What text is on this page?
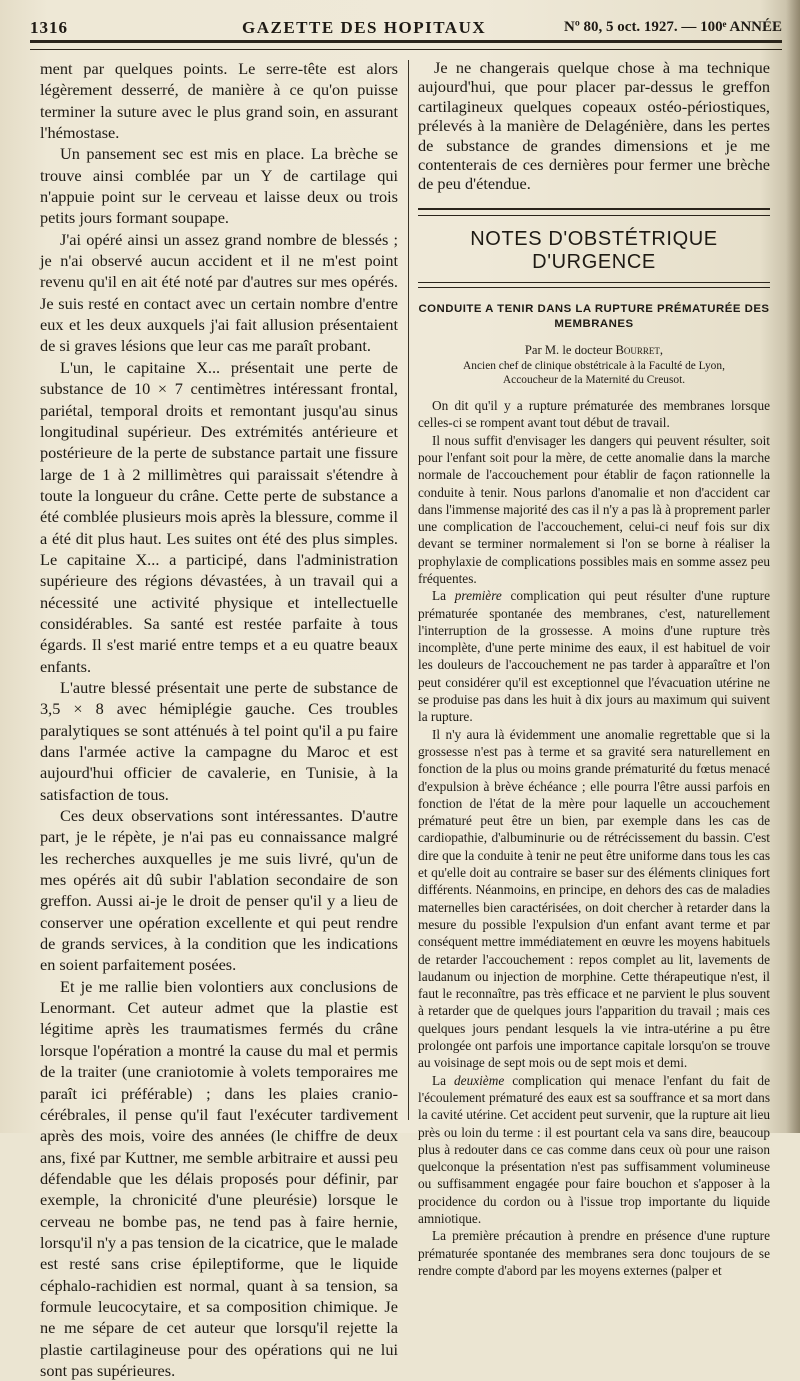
1316	GAZETTE DES HOPITAUX	Nº 80, 5 oct. 1927. — 100ᵉ ANNÉE

ment par quelques points. Le serre-tête est alors légèrement desserré, de manière à ce qu'on puisse terminer la suture avec le plus grand soin, en assurant l'hémostase.

Un pansement sec est mis en place. La brèche se trouve ainsi comblée par un Y de cartilage qui n'appuie point sur le cerveau et laisse deux ou trois petits jours formant soupape.

J'ai opéré ainsi un assez grand nombre de blessés ; je n'ai observé aucun accident et il ne m'est point revenu qu'il en ait été noté par d'autres sur mes opérés. Je suis resté en contact avec un certain nombre d'entre eux et les deux auxquels j'ai fait allusion présentaient de si graves lésions que leur cas me paraît probant.

L'un, le capitaine X... présentait une perte de substance de 10 × 7 centimètres intéressant frontal, pariétal, temporal droits et remontant jusqu'au sinus longitudinal supérieur. Des extrémités antérieure et postérieure de la perte de substance partait une fissure large de 1 à 2 millimètres qui paraissait s'étendre à toute la longueur du crâne. Cette perte de substance a été comblée plusieurs mois après la blessure, comme il a été dit plus haut. Les suites ont été des plus simples. Le capitaine X... a participé, dans l'administration supérieure des régions dévastées, à un travail qui a nécessité une activité physique et intellectuelle considérables. Sa santé est restée parfaite à tous égards. Il s'est marié entre temps et a eu quatre beaux enfants.

L'autre blessé présentait une perte de substance de 3,5 × 8 avec hémiplégie gauche. Ces troubles paralytiques se sont atténués à tel point qu'il a pu faire dans l'armée active la campagne du Maroc et est aujourd'hui officier de cavalerie, en Tunisie, à la satisfaction de tous.

Ces deux observations sont intéressantes. D'autre part, je le répète, je n'ai pas eu connaissance malgré les recherches auxquelles je me suis livré, qu'un de mes opérés ait dû subir l'ablation secondaire de son greffon. Aussi ai-je le droit de penser qu'il y a lieu de conserver une opération excellente et qui peut rendre de grands services, à la condition que les indications en soient parfaitement posées.

Et je me rallie bien volontiers aux conclusions de Lenormant. Cet auteur admet que la plastie est légitime après les traumatismes fermés du crâne lorsque l'opération a montré la cause du mal et permis de la traiter (une craniotomie à volets temporaires me paraît ici préférable) ; dans les plaies cranio-cérébrales, il pense qu'il faut l'exécuter tardivement après des mois, voire des années (le chiffre de deux ans, fixé par Kuttner, me semble arbitraire et aussi peu défendable que les délais proposés pour définir, par exemple, la chronicité d'une pleurésie) lorsque le cerveau ne bombe pas, ne tend pas à faire hernie, lorsqu'il n'y a pas tension de la cicatrice, que le malade est resté sans crise épileptiforme, que le liquide céphalo-rachidien est normal, quant à sa tension, sa formule leucocytaire, et sa composition chimique. Je ne me sépare de cet auteur que lorsqu'il rejette la plastie cartilagineuse pour des opérations qui ne lui sont pas supérieures.

Je ne changerais quelque chose à ma technique aujourd'hui, que pour placer par-dessus le greffon cartilagineux quelques copeaux ostéo-périostiques, prélevés à la manière de Delagénière, dans les pertes de substance de grandes dimensions et je me contenterais de ces dernières pour fermer une brèche de peu d'étendue.

NOTES D'OBSTÉTRIQUE D'URGENCE
CONDUITE A TENIR DANS LA RUPTURE PRÉMATURÉE DES MEMBRANES
Par M. le docteur Bourret,
Ancien chef de clinique obstétricale à la Faculté de Lyon,
Accoucheur de la Maternité du Creusot.

On dit qu'il y a rupture prématurée des membranes lorsque celles-ci se rompent avant tout début de travail.

Il nous suffit d'envisager les dangers qui peuvent résulter, soit pour l'enfant soit pour la mère, de cette anomalie dans la marche normale de l'accouchement pour établir de façon rationnelle la conduite à tenir. Nous parlons d'anomalie et non d'accident car dans l'immense majorité des cas il n'y a pas là à proprement parler une complication de l'accouchement, celui-ci neuf fois sur dix devant se terminer normalement si l'on se borne à réaliser la prophylaxie de complications possibles mais en somme assez peu fréquentes.

La première complication qui peut résulter d'une rupture prématurée spontanée des membranes, c'est, naturellement l'interruption de la grossesse. A moins d'une rupture très incomplète, d'une perte minime des eaux, il est habituel de voir les douleurs de l'accouchement ne pas tarder à apparaître et l'on peut considérer qu'il est exceptionnel que l'évacuation utérine ne se produise pas dans les huit à dix jours au maximum qui suivent la rupture.

Il n'y aura là évidemment une anomalie regrettable que si la grossesse n'est pas à terme et sa gravité sera naturellement en fonction de la plus ou moins grande prématurité du fœtus menacé d'expulsion à brève échéance ; elle pourra l'être aussi parfois en fonction de l'état de la mère pour laquelle un accouchement prématuré peut être un bien, par exemple dans les cas de cardiopathie, d'albuminurie ou de rétrécissement du bassin. C'est dire que la conduite à tenir ne peut être uniforme dans tous les cas et qu'elle doit au contraire se baser sur des éléments cliniques fort différents. Néanmoins, en principe, en dehors des cas de maladies maternelles bien caractérisées, on doit chercher à retarder dans la mesure du possible l'expulsion d'un enfant avant terme et par conséquent mettre immédiatement en œuvre les moyens habituels de retarder l'accouchement : repos complet au lit, lavements de laudanum ou injection de morphine. Cette thérapeutique n'est, il faut le reconnaître, pas très efficace et ne parvient le plus souvent à retarder que de quelques jours l'apparition du travail ; mais ces quelques jours pendant lesquels la vie intra-utérine a pu être prolongée ont parfois une importance capitale lorsqu'on se trouve au voisinage de sept mois ou de sept mois et demi.

La deuxième complication qui menace l'enfant du fait de l'écoulement prématuré des eaux est sa souffrance et sa mort dans la cavité utérine. Cet accident peut survenir, que la rupture ait lieu près ou loin du terme : il est pourtant cela va sans dire, beaucoup plus à redouter dans ce cas comme dans ceux où pour une raison quelconque la présentation n'est pas suffisamment volumineuse ou suffisamment engagée pour faire bouchon et s'apposer à la procidence du cordon ou à l'issue trop importante du liquide amniotique.

La première précaution à prendre en présence d'une rupture prématurée spontanée des membranes sera donc toujours de se rendre compte d'abord par les moyens externes (palper et
